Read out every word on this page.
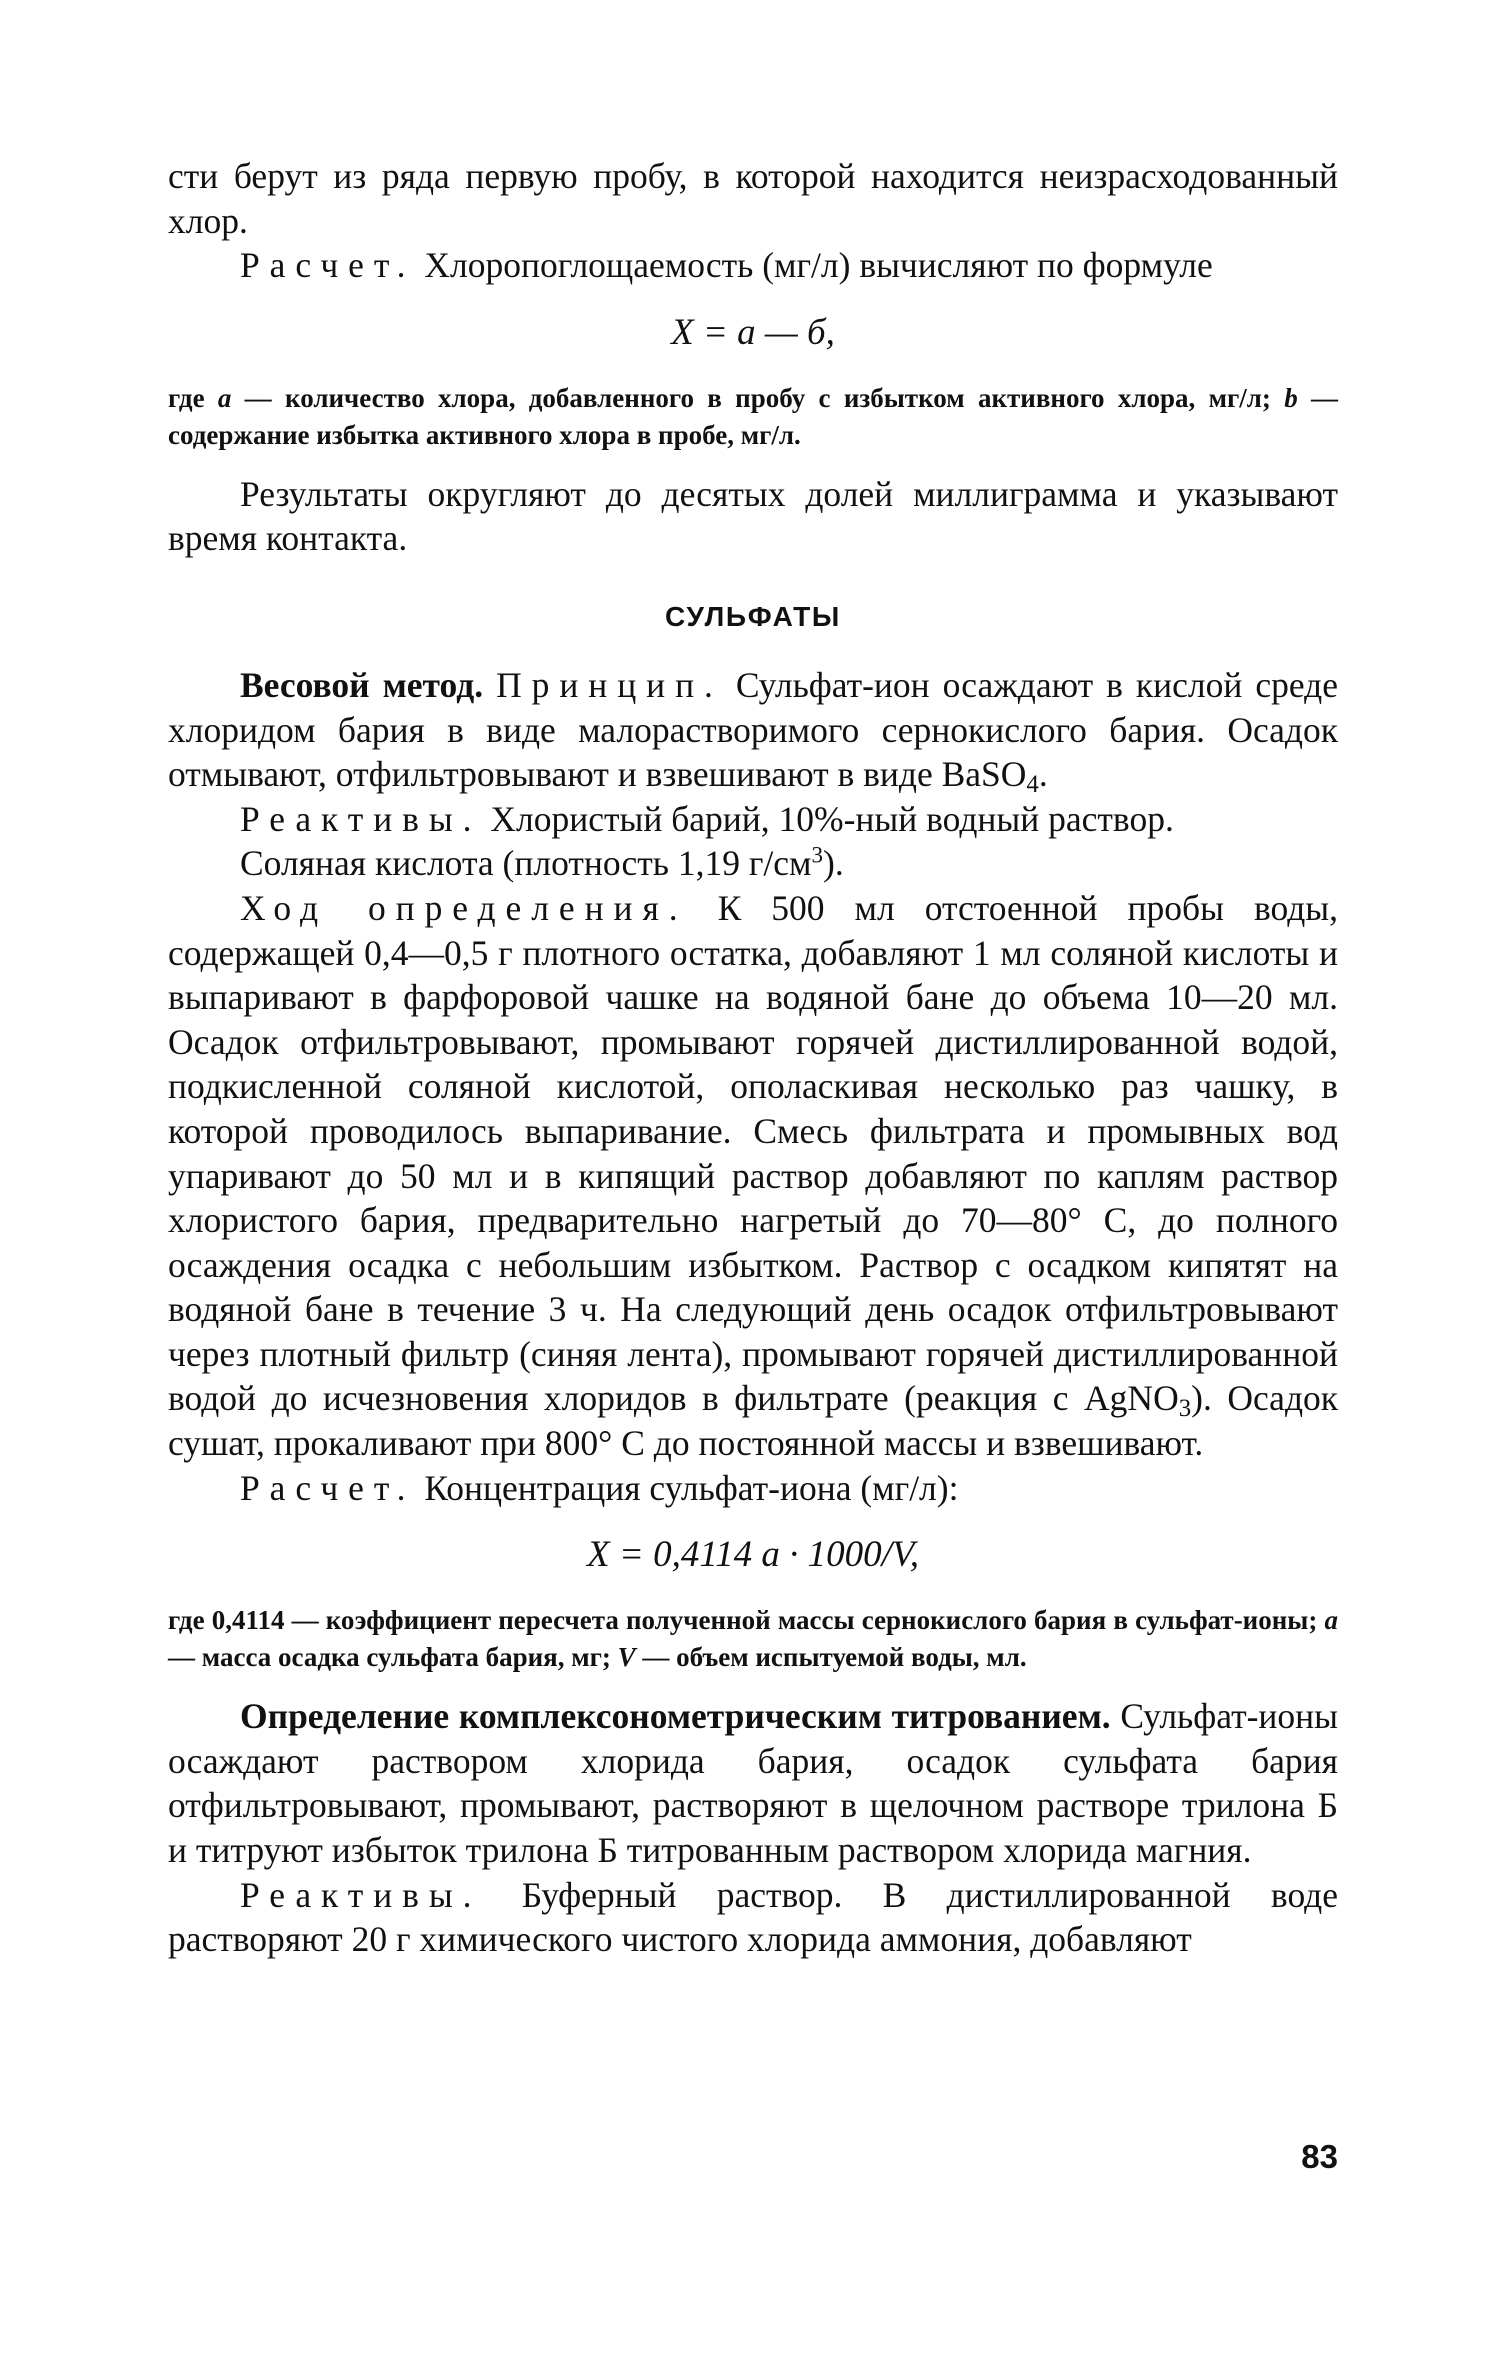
сти берут из ряда первую пробу, в которой находится неизрасходованный хлор.

Расчет. Хлоропоглощаемость (мг/л) вычисляют по формуле

X = a — б,

где a — количество хлора, добавленного в пробу с избытком активного хлора, мг/л; b — содержание избытка активного хлора в пробе, мг/л.

Результаты округляют до десятых долей миллиграмма и указывают время контакта.

СУЛЬФАТЫ

Весовой метод. Принцип. Сульфат-ион осаждают в кислой среде хлоридом бария в виде малорастворимого сернокислого бария. Осадок отмывают, отфильтровывают и взвешивают в виде BaSO$_4$.

Реактивы. Хлористый барий, 10%-ный водный раствор.

Соляная кислота (плотность 1,19 $г/см^3$).

Ход определения. К 500 мл отстоенной пробы воды, содержащей 0,4—0,5 г плотного остатка, добавляют 1 мл соляной кислоты и выпаривают в фарфоровой чашке на водяной бане до объема 10—20 мл. Осадок отфильтровывают, промывают горячей дистиллированной водой, подкисленной соляной кислотой, ополаскивая несколько раз чашку, в которой проводилось выпаривание. Смесь фильтрата и промывных вод упаривают до 50 мл и в кипящий раствор добавляют по каплям раствор хлористого бария, предварительно нагретый до 70—80° С, до полного осаждения осадка с небольшим избытком. Раствор с осадком кипятят на водяной бане в течение 3 ч. На следующий день осадок отфильтровывают через плотный фильтр (синяя лента), промывают горячей дистиллированной водой до исчезновения хлоридов в фильтрате (реакция с AgNO$_3$). Осадок сушат, прокаливают при 800° С до постоянной массы и взвешивают.

Расчет. Концентрация сульфат-иона (мг/л):

X = 0,4114 a · 1000/V,

где 0,4114 — коэффициент пересчета полученной массы сернокислого бария в сульфат-ионы; a — масса осадка сульфата бария, мг; V — объем испытуемой воды, мл.

Определение комплексонометрическим титрованием. Сульфат-ионы осаждают раствором хлорида бария, осадок сульфата бария отфильтровывают, промывают, растворяют в щелочном растворе трилона Б и титруют избыток трилона Б титрованным раствором хлорида магния.

Реактивы. Буферный раствор. В дистиллированной воде растворяют 20 г химического чистого хлорида аммония, добавляют

83
